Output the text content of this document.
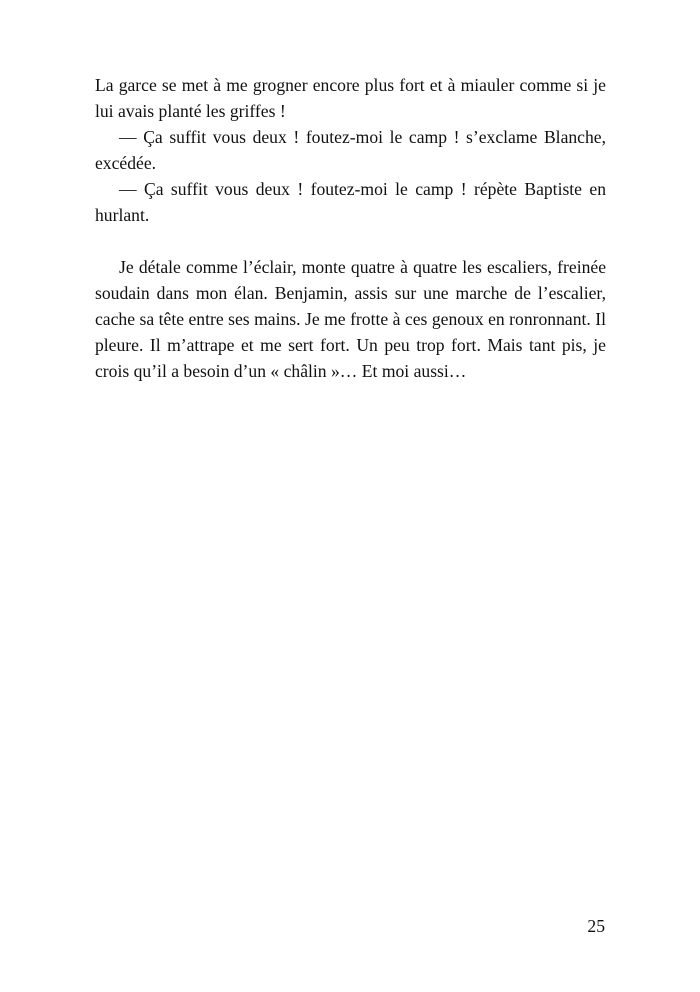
La garce se met à me grogner encore plus fort et à miauler comme si je lui avais planté les griffes !

— Ça suffit vous deux ! foutez-moi le camp ! s’exclame Blanche, excédée.

— Ça suffit vous deux ! foutez-moi le camp ! répète Baptiste en hurlant.

Je détale comme l’éclair, monte quatre à quatre les escaliers, freinée soudain dans mon élan. Benjamin, assis sur une marche de l’escalier, cache sa tête entre ses mains. Je me frotte à ces genoux en ronronnant. Il pleure. Il m’attrape et me sert fort. Un peu trop fort. Mais tant pis, je crois qu’il a besoin d’un « châlin »… Et moi aussi…

25
